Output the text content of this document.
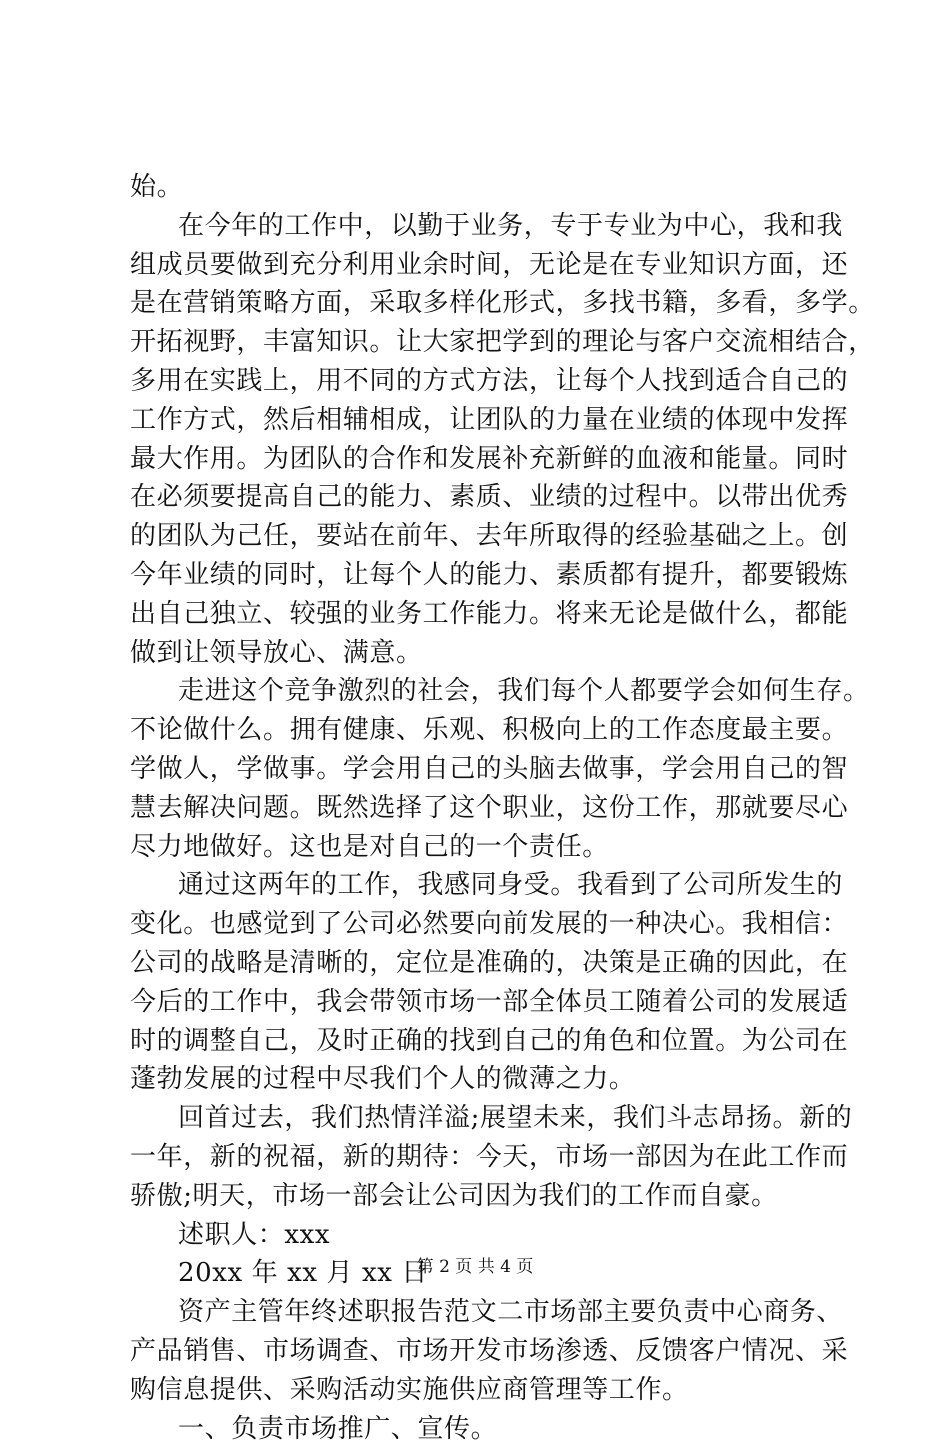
始。
在今年的工作中，以勤于业务，专于专业为中心，我和我
组成员要做到充分利用业余时间，无论是在专业知识方面，还
是在营销策略方面，采取多样化形式，多找书籍，多看，多学。
开拓视野，丰富知识。让大家把学到的理论与客户交流相结合，
多用在实践上，用不同的方式方法，让每个人找到适合自己的
工作方式，然后相辅相成，让团队的力量在业绩的体现中发挥
最大作用。为团队的合作和发展补充新鲜的血液和能量。同时
在必须要提高自己的能力、素质、业绩的过程中。以带出优秀
的团队为己任，要站在前年、去年所取得的经验基础之上。创
今年业绩的同时，让每个人的能力、素质都有提升，都要锻炼
出自己独立、较强的业务工作能力。将来无论是做什么，都能
做到让领导放心、满意。
走进这个竞争激烈的社会，我们每个人都要学会如何生存。
不论做什么。拥有健康、乐观、积极向上的工作态度最主要。
学做人，学做事。学会用自己的头脑去做事，学会用自己的智
慧去解决问题。既然选择了这个职业，这份工作，那就要尽心
尽力地做好。这也是对自己的一个责任。
通过这两年的工作，我感同身受。我看到了公司所发生的
变化。也感觉到了公司必然要向前发展的一种决心。我相信：
公司的战略是清晰的，定位是准确的，决策是正确的因此，在
今后的工作中，我会带领市场一部全体员工随着公司的发展适
时的调整自己，及时正确的找到自己的角色和位置。为公司在
蓬勃发展的过程中尽我们个人的微薄之力。
回首过去，我们热情洋溢;展望未来，我们斗志昂扬。新的
一年，新的祝福，新的期待：今天，市场一部因为在此工作而
骄傲;明天，市场一部会让公司因为我们的工作而自豪。
述职人：xxx
20xx 年 xx 月 xx 日
资产主管年终述职报告范文二市场部主要负责中心商务、
产品销售、市场调查、市场开发市场渗透、反馈客户情况、采
购信息提供、采购活动实施供应商管理等工作。
一、负责市场推广、宣传。
第 2 页 共 4 页
